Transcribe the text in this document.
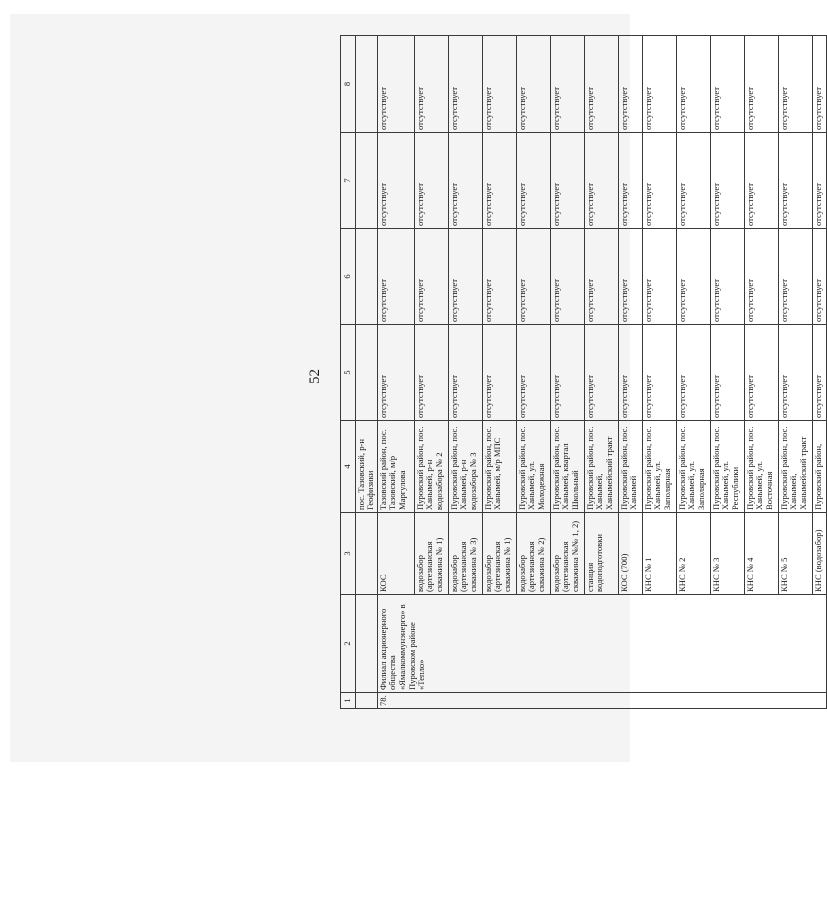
52
1	2	3	4	5	6	7	8
			пос. Тазовский, р-н Геофизики				
78.	Филиал акционерного общества «Ямалкоммунэнерго» в Пуровском районе «Тепло»	КОС	Тазовский район, пос. Тазовский, м/р Маргулова	отсутствует	отсутствует	отсутствует	отсутствует
		водозабор (артезианская скважина № 1)	Пуровский район, пос. Ханымей, р-н водозабора № 2	отсутствует	отсутствует	отсутствует	отсутствует
		водозабор (артезианская скважина № 3)	Пуровский район, пос. Ханымей, р-н водозабора № 3	отсутствует	отсутствует	отсутствует	отсутствует
		водозабор (артезианская скважина № 1)	Пуровский район, пос. Ханымей, м/р МПС	отсутствует	отсутствует	отсутствует	отсутствует
		водозабор (артезианская скважина № 2)	Пуровский район, пос. Ханымей, ул. Молодежная	отсутствует	отсутствует	отсутствует	отсутствует
		водозабор (артезианская скважина №№ 1, 2)	Пуровский район, пос. Ханымей, квартал Школьный	отсутствует	отсутствует	отсутствует	отсутствует
		станция водоподготовки	Пуровский район, пос. Ханымей, Ханымейский тракт	отсутствует	отсутствует	отсутствует	отсутствует
		КОС (700)	Пуровский район, пос. Ханымей	отсутствует	отсутствует	отсутствует	отсутствует
		КНС № 1	Пуровский район, пос. Ханымей, ул. Заполярная	отсутствует	отсутствует	отсутствует	отсутствует
		КНС № 2	Пуровский район, пос. Ханымей, ул. Заполярная	отсутствует	отсутствует	отсутствует	отсутствует
		КНС № 3	Пуровский район, пос. Ханымей, ул. Республики	отсутствует	отсутствует	отсутствует	отсутствует
		КНС № 4	Пуровский район, пос. Ханымей, ул. Восточная	отсутствует	отсутствует	отсутствует	отсутствует
		КНС № 5	Пуровский район, пос. Ханымей, Ханымейский тракт	отсутствует	отсутствует	отсутствует	отсутствует
		КНС (водозабор)	Пуровский район,	отсутствует	отсутствует	отсутствует	отсутствует
